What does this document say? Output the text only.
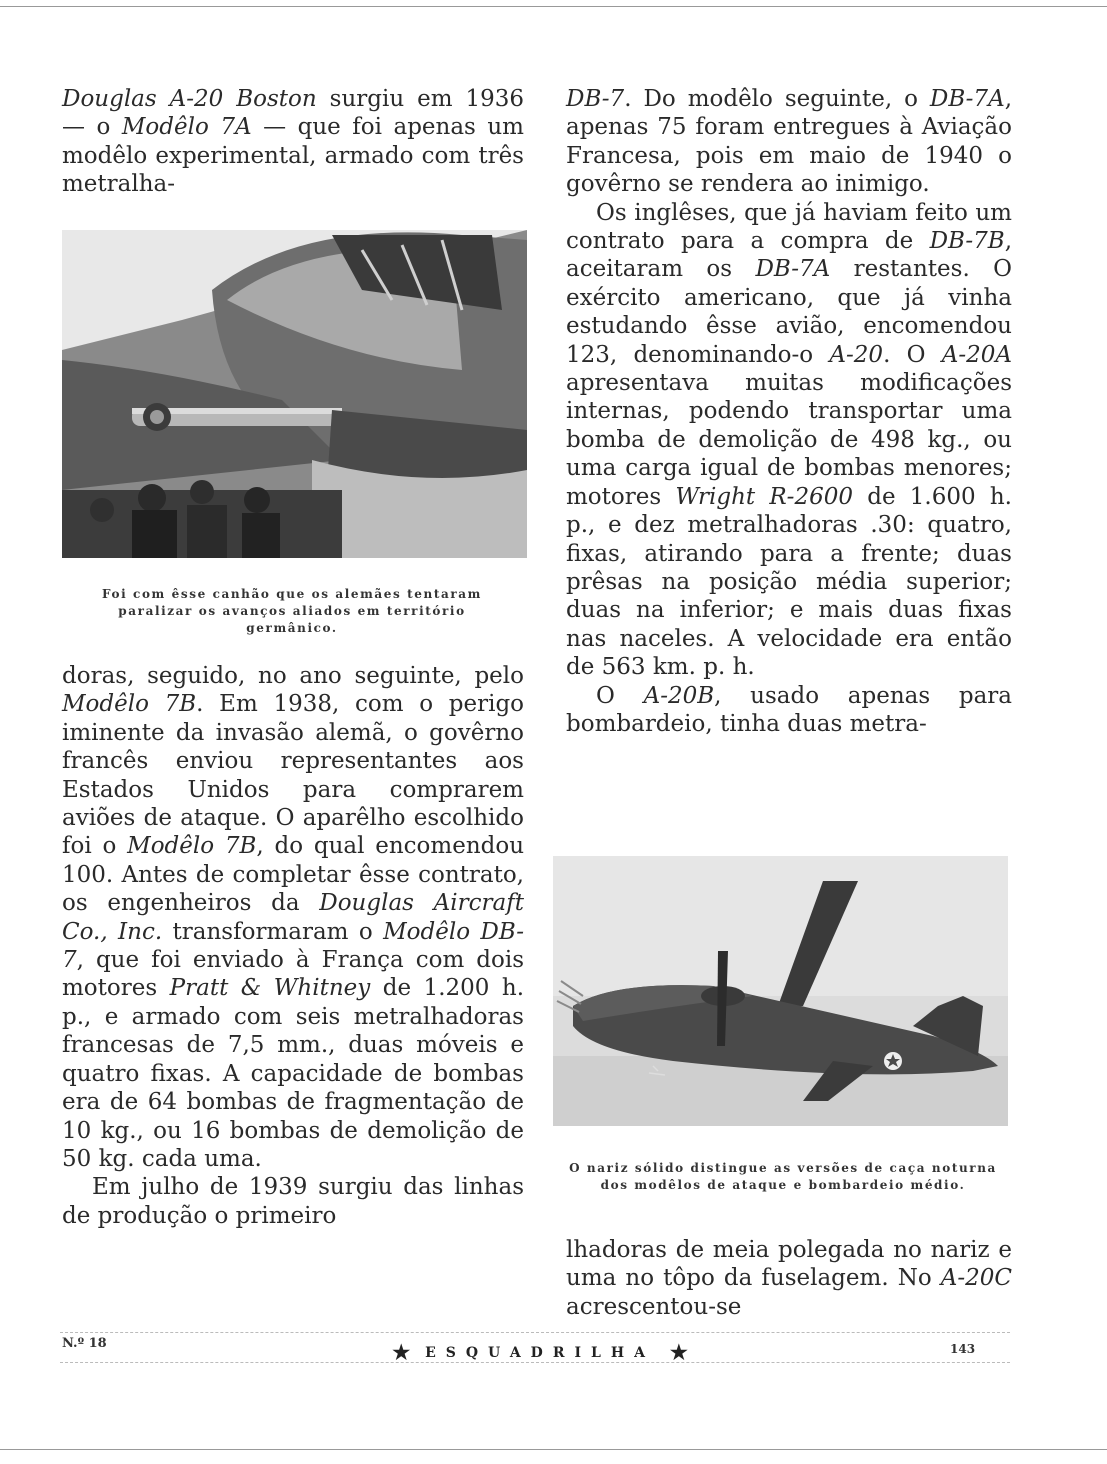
Douglas A-20 Boston surgiu em 1936 — o Modêlo 7A — que foi apenas um modêlo experimental, armado com três metralha-

Foi com êsse canhão que os alemães tentaram paralizar os avanços aliados em território germânico.

doras, seguido, no ano seguinte, pelo Modêlo 7B. Em 1938, com o perigo iminente da invasão alemã, o govêrno francês enviou representantes aos Estados Unidos para comprarem aviões de ataque. O aparêlho escolhido foi o Modêlo 7B, do qual encomendou 100. Antes de completar êsse contrato, os engenheiros da Douglas Aircraft Co., Inc. transformaram o Modêlo DB-7, que foi enviado à França com dois motores Pratt & Whitney de 1.200 h. p., e armado com seis metralhadoras francesas de 7,5 mm., duas móveis e quatro fixas. A capacidade de bombas era de 64 bombas de fragmentação de 10 kg., ou 16 bombas de demolição de 50 kg. cada uma.

Em julho de 1939 surgiu das linhas de produção o primeiro

DB-7. Do modêlo seguinte, o DB-7A, apenas 75 foram entregues à Aviação Francesa, pois em maio de 1940 o govêrno se rendera ao inimigo.

Os inglêses, que já haviam feito um contrato para a compra de DB-7B, aceitaram os DB-7A restantes. O exército americano, que já vinha estudando êsse avião, encomendou 123, denominando-o A-20. O A-20A apresentava muitas modificações internas, podendo transportar uma bomba de demolição de 498 kg., ou uma carga igual de bombas menores; motores Wright R-2600 de 1.600 h. p., e dez metralhadoras .30: quatro, fixas, atirando para a frente; duas prêsas na posição média superior; duas na inferior; e mais duas fixas nas naceles. A velocidade era então de 563 km. p. h.

O A-20B, usado apenas para bombardeio, tinha duas metra-

O nariz sólido distingue as versões de caça noturna dos modêlos de ataque e bombardeio médio.

lhadoras de meia polegada no nariz e uma no tôpo da fuselagem. No A-20C acrescentou-se

N.º 18	★ ESQUADRILHA ★	143
